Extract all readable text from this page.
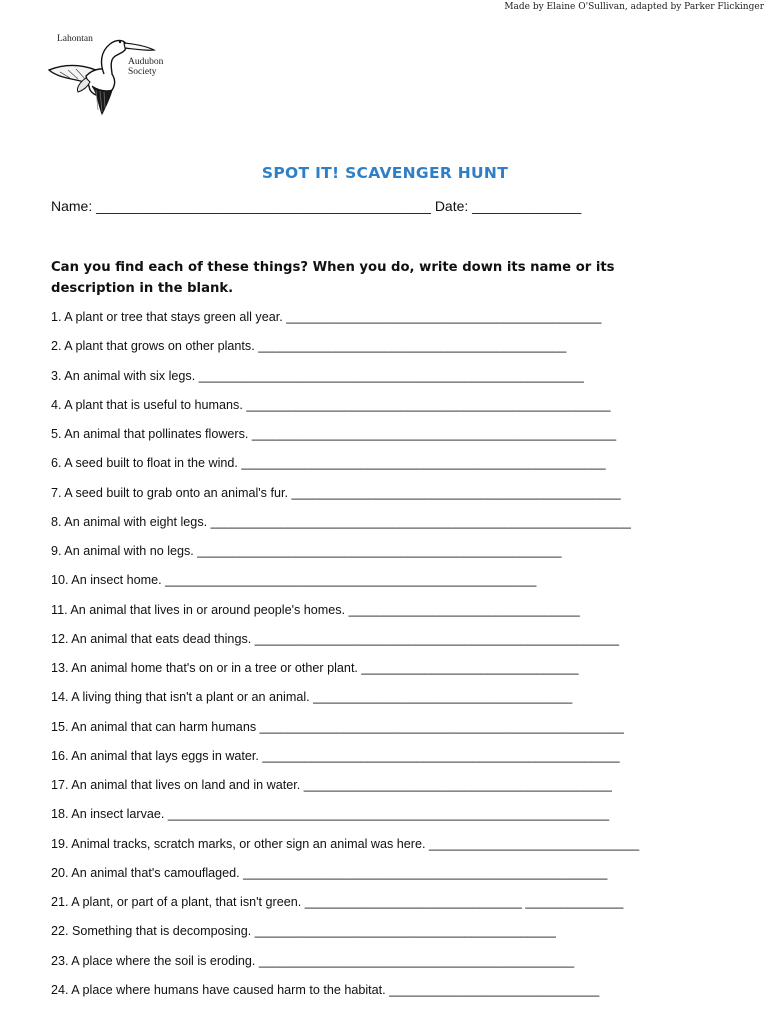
Made by Elaine O'Sullivan, adapted by Parker Flickinger
Lahontan
Audubon
Society
SPOT IT! SCAVENGER HUNT
Name: ___________________________________________ Date: ______________
Can you find each of these things? When you do, write down its name or its description in the blank.
1. A plant or tree that stays green all year. _____________________________________________
2. A plant that grows on other plants. ____________________________________________
3. An animal with six legs. _______________________________________________________
4. A plant that is useful to humans. ____________________________________________________
5. An animal that pollinates flowers. ____________________________________________________
6. A seed built to float in the wind. ____________________________________________________
7. A seed built to grab onto an animal's fur. _______________________________________________
8. An animal with eight legs. ____________________________________________________________
9. An animal with no legs. ____________________________________________________
10. An insect home. _____________________________________________________
11. An animal that lives in or around people's homes. _________________________________
12. An animal that eats dead things. ____________________________________________________
13. An animal home that's on or in a tree or other plant. _______________________________
14. A living thing that isn't a plant or an animal. _____________________________________
15. An animal that can harm humans ____________________________________________________
16. An animal that lays eggs in water. ___________________________________________________
17. An animal that lives on land and in water. ____________________________________________
18. An insect larvae. _______________________________________________________________
19. Animal tracks, scratch marks, or other sign an animal was here. ______________________________
20. An animal that's camouflaged. ____________________________________________________
21. A plant, or part of a plant, that isn't green. _______________________________ ______________
22. Something that is decomposing. ___________________________________________
23. A place where the soil is eroding. _____________________________________________
24. A place where humans have caused harm to the habitat. ______________________________
